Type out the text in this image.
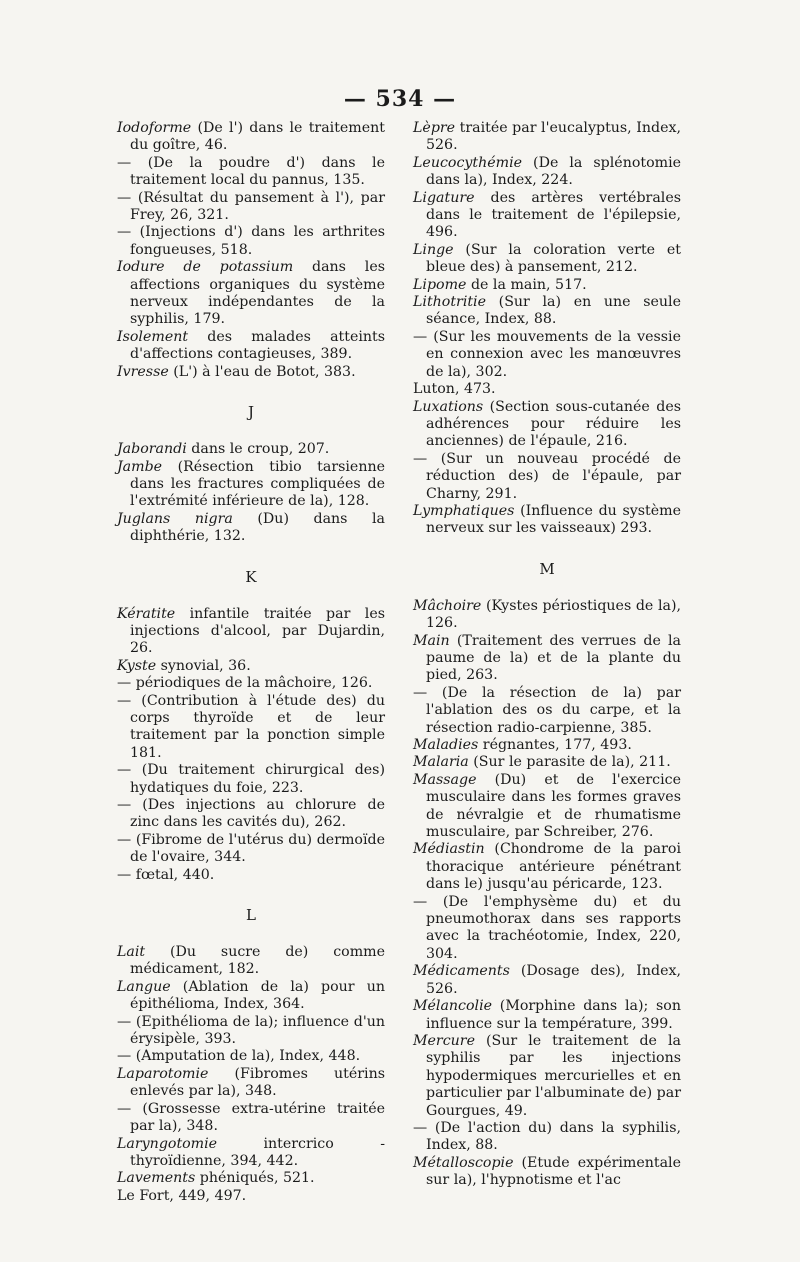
— 534 —
Iodoforme (De l') dans le traitement du goître, 46.
— (De la poudre d') dans le traitement local du pannus, 135.
— (Résultat du pansement à l'), par Frey, 26, 321.
— (Injections d') dans les arthrites fongueuses, 518.
Iodure de potassium dans les affections organiques du système nerveux indépendantes de la syphilis, 179.
Isolement des malades atteints d'affections contagieuses, 389.
Ivresse (L') à l'eau de Botot, 383.
J
Jaborandi dans le croup, 207.
Jambe (Résection tibio tarsienne dans les fractures compliquées de l'extrémité inférieure de la), 128.
Juglans nigra (Du) dans la diphthérie, 132.
K
Kératite infantile traitée par les injections d'alcool, par Dujardin, 26.
Kyste synovial, 36.
— périodiques de la mâchoire, 126.
— (Contribution à l'étude des) du corps thyroïde et de leur traitement par la ponction simple 181.
— (Du traitement chirurgical des) hydatiques du foie, 223.
— (Des injections au chlorure de zinc dans les cavités du), 262.
— (Fibrome de l'utérus du) dermoïde de l'ovaire, 344.
— fœtal, 440.
L
Lait (Du sucre de) comme médicament, 182.
Langue (Ablation de la) pour un épithélioma, Index, 364.
— (Epithélioma de la); influence d'un érysipèle, 393.
— (Amputation de la), Index, 448.
Laparotomie (Fibromes utérins enlevés par la), 348.
— (Grossesse extra-utérine traitée par la), 348.
Laryngotomie intercrico - thyroïdienne, 394, 442.
Lavements phéniqués, 521.
Le Fort, 449, 497.
Lèpre traitée par l'eucalyptus, Index, 526.
Leucocythémie (De la splénotomie dans la), Index, 224.
Ligature des artères vertébrales dans le traitement de l'épilepsie, 496.
Linge (Sur la coloration verte et bleue des) à pansement, 212.
Lipome de la main, 517.
Lithotritie (Sur la) en une seule séance, Index, 88.
— (Sur les mouvements de la vessie en connexion avec les manœuvres de la), 302.
Luton, 473.
Luxations (Section sous-cutanée des adhérences pour réduire les anciennes) de l'épaule, 216.
— (Sur un nouveau procédé de réduction des) de l'épaule, par Charny, 291.
Lymphatiques (Influence du système nerveux sur les vaisseaux) 293.
M
Mâchoire (Kystes périostiques de la), 126.
Main (Traitement des verrues de la paume de la) et de la plante du pied, 263.
— (De la résection de la) par l'ablation des os du carpe, et la résection radio-carpienne, 385.
Maladies régnantes, 177, 493.
Malaria (Sur le parasite de la), 211.
Massage (Du) et de l'exercice musculaire dans les formes graves de névralgie et de rhumatisme musculaire, par Schreiber, 276.
Médiastin (Chondrome de la paroi thoracique antérieure pénétrant dans le) jusqu'au péricarde, 123.
— (De l'emphysème du) et du pneumothorax dans ses rapports avec la trachéotomie, Index, 220, 304.
Médicaments (Dosage des), Index, 526.
Mélancolie (Morphine dans la); son influence sur la température, 399.
Mercure (Sur le traitement de la syphilis par les injections hypodermiques mercurielles et en particulier par l'albuminate de) par Gourgues, 49.
— (De l'action du) dans la syphilis, Index, 88.
Métalloscopie (Etude expérimentale sur la), l'hypnotisme et l'ac
